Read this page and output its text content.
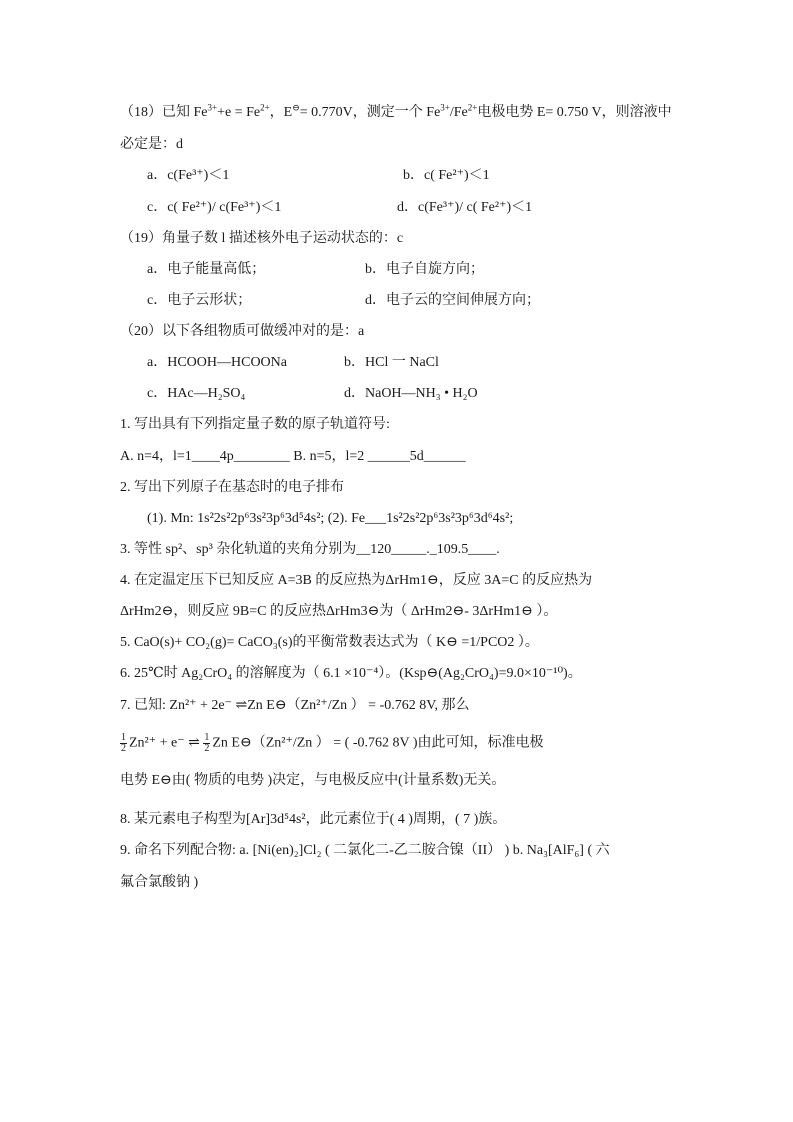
（18）已知 $Fe^{3+}+e = Fe^{2+}$，E⊖= 0.770V，测定一个 $Fe^{3+}/Fe^{2+}$电极电势 E= 0.750 V，则溶液中
必定是：d
a．c(Fe³⁺)＜1	b．c( Fe²⁺)＜1
c．c( Fe²⁺)/ c(Fe³⁺)＜1	d．c(Fe³⁺)/ c( Fe²⁺)＜1
（19）角量子数 l 描述核外电子运动状态的：c
a．电子能量高低；	b．电子自旋方向；
c．电子云形状；	d．电子云的空间伸展方向；
（20）以下各组物质可做缓冲对的是：a
a．HCOOH—HCOONa	b．HCl 一 NaCl
c．HAc—H₂SO₄	d．NaOH—NH₃ • H₂O
1. 写出具有下列指定量子数的原子轨道符号:
A. n=4，l=1____4p________ B. n=5，l=2 ______5d______
2. 写出下列原子在基态时的电子排布
(1). Mn: 1s²2s²2p⁶3s²3p⁶3d⁵4s²; (2). Fe___1s²2s²2p⁶3s²3p⁶3d⁶4s²;
3. 等性 sp²、sp³ 杂化轨道的夹角分别为__120_____._109.5____.
4. 在定温定压下已知反应 A=3B 的反应热为ΔrHm1⊖，反应 3A=C 的反应热为
ΔrHm2⊖，则反应 9B=C 的反应热ΔrHm3⊖为（ ΔrHm2⊖- 3ΔrHm1⊖ ）。
5. CaO(s)+ CO₂(g)= CaCO₃(s)的平衡常数表达式为（ K⊖ =1/PCO2 ）。
6. 25℃时 Ag₂CrO₄ 的溶解度为（ 6.1 ×10⁻⁴）。(Ksp⊖(Ag₂CrO₄)=9.0×10⁻¹⁰)。
7. 已知: Zn²⁺ + 2e⁻ ⇌Zn E⊖（Zn²⁺/Zn ） = -0.762 8V, 那么
$\frac{1}{2} Zn^{2+} + e^-$ ⇌ $\frac{1}{2}$ Zn E⊖（Zn²⁺/Zn ） = ( -0.762 8V )由此可知，标准电极
电势 E⊖由( 物质的电势 )决定，与电极反应中(计量系数)无关。
8. 某元素电子构型为[Ar]3d⁵4s²，此元素位于( 4 )周期，( 7 )族。
9. 命名下列配合物: a. [Ni(en)₂]Cl₂ ( 二氯化二-乙二胺合镍（II） ) b. Na₃[AlF₆] ( 六
氟合氯酸钠 )
